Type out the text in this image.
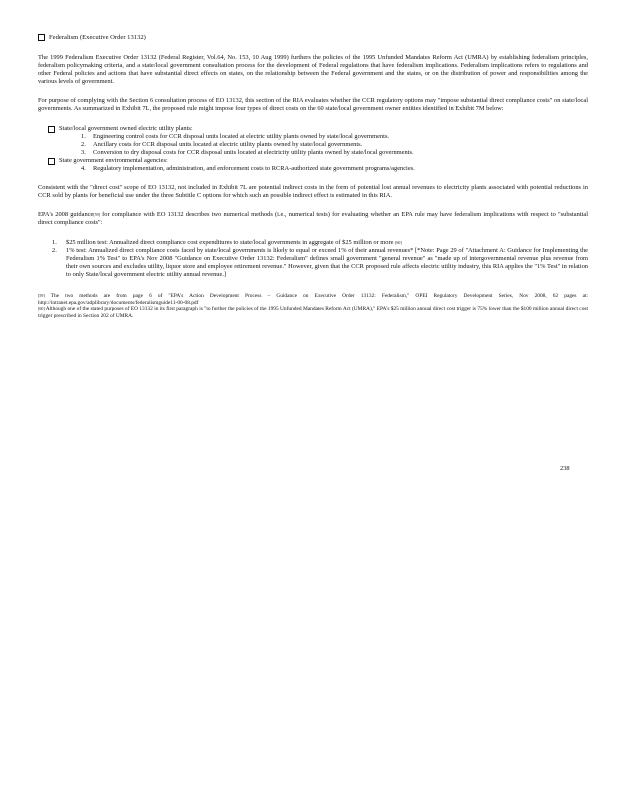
Federalism (Executive Order 13132)

The 1999 Federalism Executive Order 13132 (Federal Register, Vol.64, No. 153, 10 Aug 1999) furthers the policies of the 1995 Unfunded Mandates Reform Act (UMRA) by establishing federalism principles, federalism policymaking criteria, and a state/local government consultation process for the development of Federal regulations that have federalism implications. Federalism implications refers to regulations and other Federal policies and actions that have substantial direct effects on states, on the relationship between the Federal government and the states, or on the distribution of power and responsibilities among the various levels of government.

For purpose of complying with the Section 6 consultation process of EO 13132, this section of the RIA evaluates whether the CCR regulatory options may "impose substantial direct compliance costs" on state/local governments. As summarized in Exhibit 7L, the proposed rule might impose four types of direct costs on the 60 state/local government owner entities identified in Exhibit 7M below:

State/local government owned electric utility plants:
1.	Engineering control costs for CCR disposal units located at electric utility plants owned by state/local governments.
2.	Ancillary costs for CCR disposal units located at electric utility plants owned by state/local governments.
3.	Conversion to dry disposal costs for CCR disposal units located at electricity utility plants owned by state/local governments.
State government environmental agencies:
4.	Regulatory implementation, administration, and enforcement costs to RCRA-authorized state government programs/agencies.

Consistent with the "direct cost" scope of EO 13132, not included in Exhibit 7L are potential indirect costs in the form of potential lost annual revenues to electricity plants associated with potential reductions in CCR sold by plants for beneficial use under the three Subtitle C options for which such an possible indirect effect is estimated in this RIA.

EPA's 2008 guidance[59] for compliance with EO 13132 describes two numerical methods (i.e., numerical tests) for evaluating whether an EPA rule may have federalism implications with respect to "substantial direct compliance costs":

1.	$25 million test: Annualized direct compliance cost expenditures to state/local governments in aggregate of $25 million or more [60]
2.	1% test: Annualized direct compliance costs faced by state/local governments is likely to equal or exceed 1% of their annual revenues* [*Note: Page 29 of "Attachment A: Guidance for Implementing the Federalism 1% Test" to EPA's Nov 2008 "Guidance on Executive Order 13132: Federalism" defines small government "general revenue" as "made up of intergovernmental revenue plus revenue from their own sources and excludes utility, liquor store and employee retirement revenue." However, given that the CCR proposed rule affects electric utility industry, this RIA applies the "1% Test" in relation to only State/local government electric utility annual revenue.]
[59] The two methods are from page 6 of "EPA's Action Development Process – Guidance on Executive Order 13132: Federalism," OPEI Regulatory Development Series, Nov 2008, 62 pages at: http://intranet.epa.gov/adplibrary/documents/federalismguide11-00-08.pdf
[60] Although one of the stated purposes of EO 13132 in its first paragraph is "to further the policies of the 1995 Unfunded Mandates Reform Act (UMRA)," EPA's $25 million annual direct cost trigger is 75% lower than the $100 million annual direct cost trigger prescribed in Section 202 of UMRA.
238
